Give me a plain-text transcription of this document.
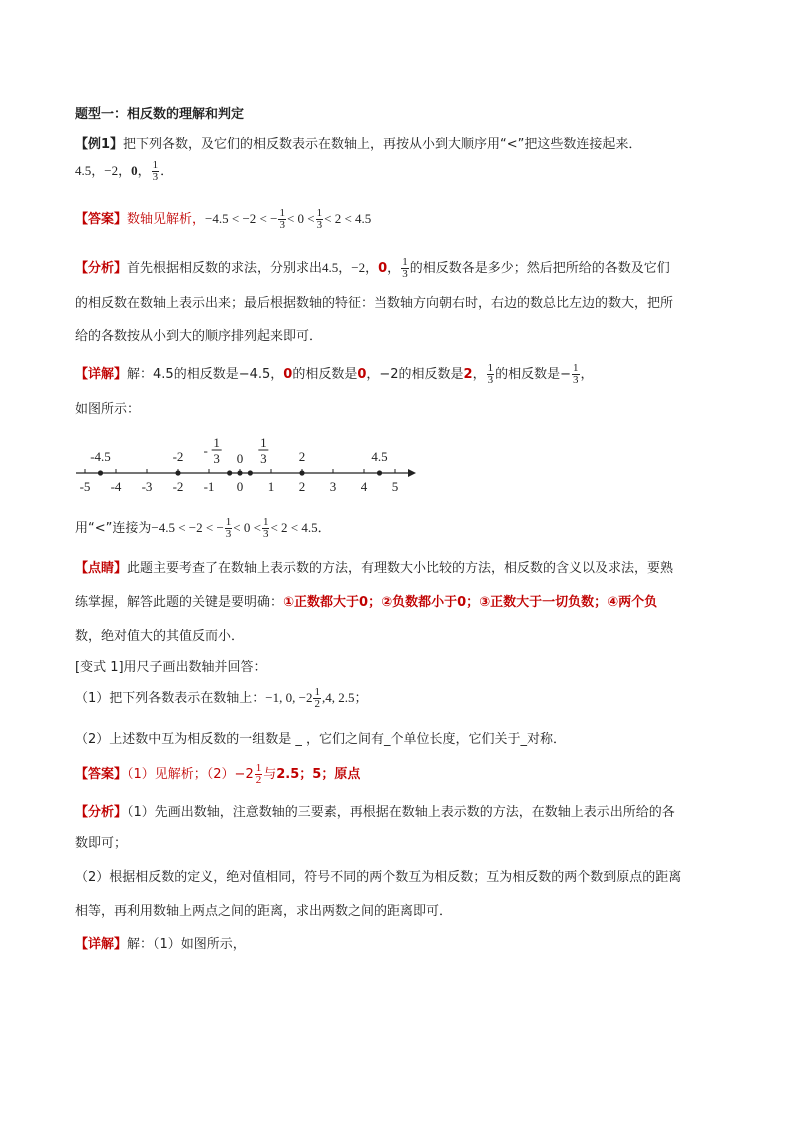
题型一：相反数的理解和判定
【例1】把下列各数，及它们的相反数表示在数轴上，再按从小到大顺序用“<”把这些数连接起来．
4.5，−2，0， $\frac{1}{3}$ ．
【答案】数轴见解析，−4.5 < −2 < − $\frac{1}{3} < 0 < \frac{1}{3} < 2 < 4.5$
【分析】首先根据相反数的求法，分别求出4.5，−2，0， $\frac{1}{3}$ 的相反数各是多少；然后把所给的各数及它们
的相反数在数轴上表示出来；最后根据数轴的特征：当数轴方向朝右时，右边的数总比左边的数大，把所
给的各数按从小到大的顺序排列起来即可．
【详解】解：4.5的相反数是−4.5，0的相反数是0，−2的相反数是2， $\frac{1}{3}$ 的相反数是− $\frac{1}{3}$ ，
如图所示：
-5 -4 -3 -2 -1 0 1 2 3 4 5
-4.5	-2 -
1
3 0
1
3 2	4.5
用“<”连接为−4.5 < −2 < − $\frac{1}{3} < 0 < \frac{1}{3} < 2 < 4.5$．
【点睛】此题主要考查了在数轴上表示数的方法，有理数大小比较的方法，相反数的含义以及求法，要熟
练掌握，解答此题的关键是要明确：①正数都大于0；②负数都小于0；③正数大于一切负数；④两个负
数，绝对值大的其值反而小．
[变式 1]用尺子画出数轴并回答：
（1）把下列各数表示在数轴上：−1, 0, $-2 \frac{1}{2} ,4$, 2.5；
（2）上述数中互为相反数的一组数是 _ ，它们之间有_个单位长度，它们关于_对称．
【答案】（1）见解析；$(2)-2 \frac{1}{2}$ 与2.5；5；原点
【分析】（1）先画出数轴，注意数轴的三要素，再根据在数轴上表示数的方法，在数轴上表示出所给的各
数即可；
（2）根据相反数的定义，绝对值相同，符号不同的两个数互为相反数；互为相反数的两个数到原点的距离
相等，再利用数轴上两点之间的距离，求出两数之间的距离即可．
【详解】解：（1）如图所示，
